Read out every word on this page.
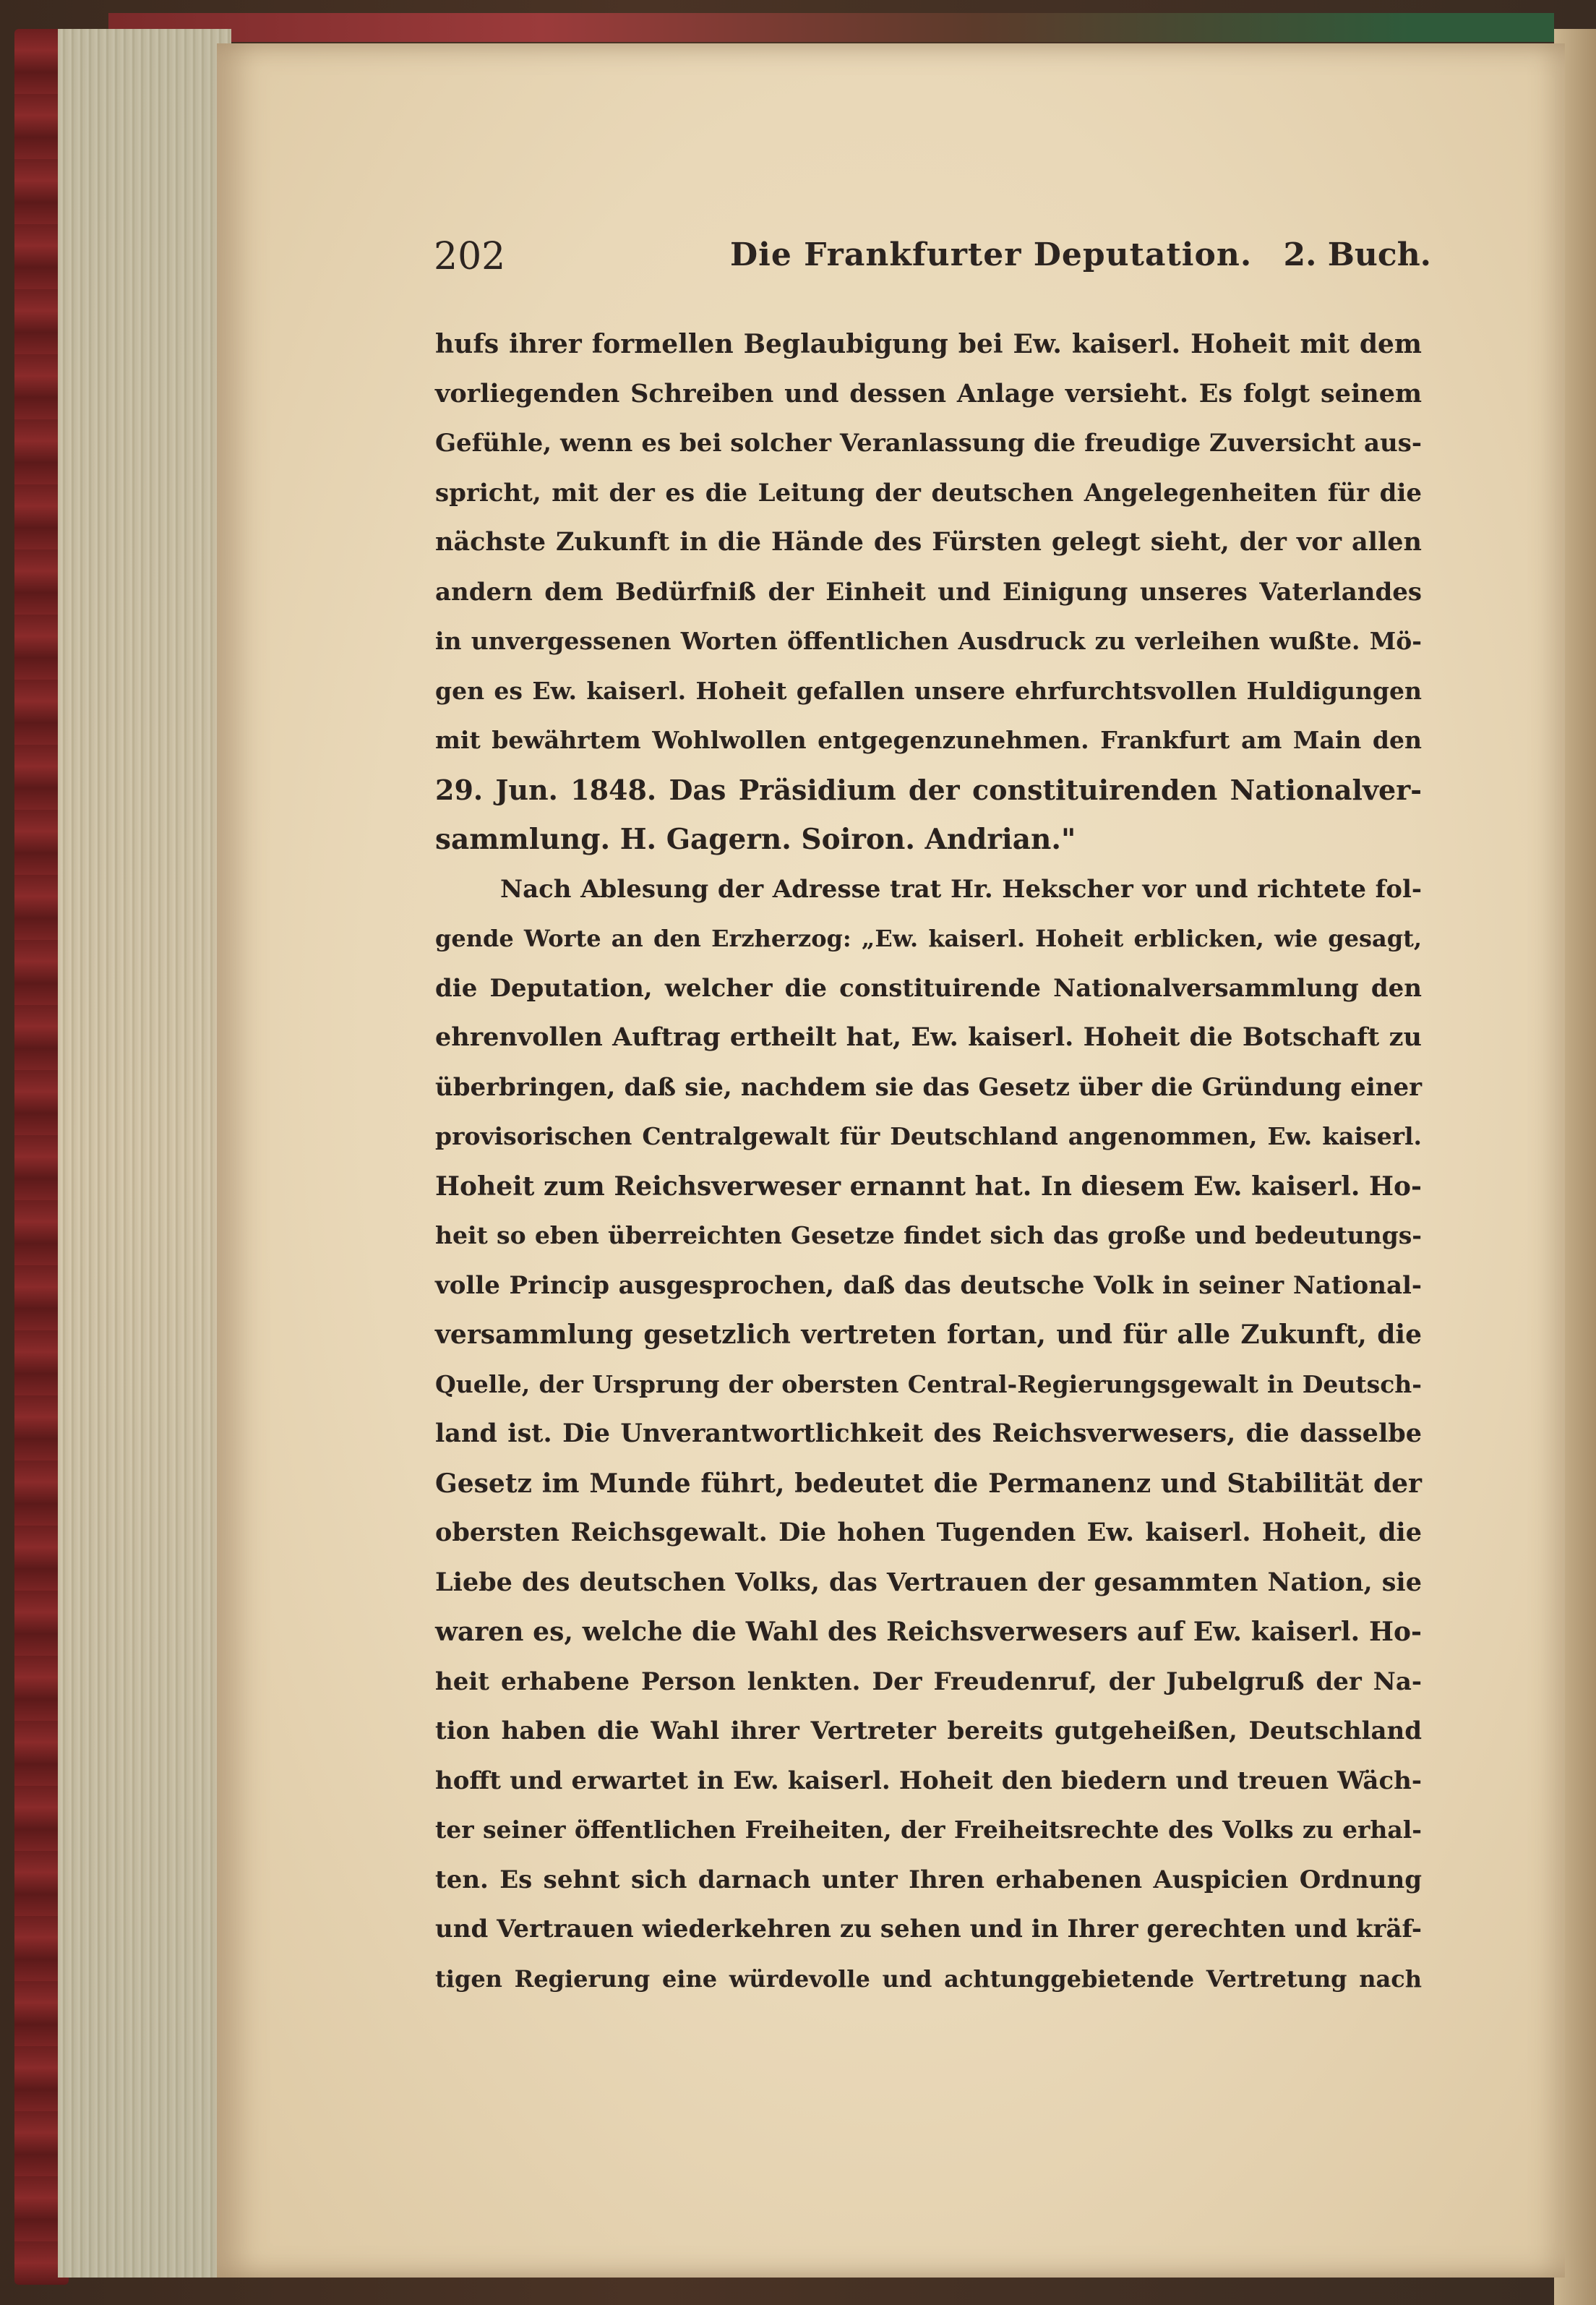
202	Die Frankfurter Deputation. 2. Buch.
hufs ihrer formellen Beglaubigung bei Ew. kaiserl. Hoheit mit dem
vorliegenden Schreiben und dessen Anlage versieht. Es folgt seinem
Gefühle, wenn es bei solcher Veranlassung die freudige Zuversicht aus-
spricht, mit der es die Leitung der deutschen Angelegenheiten für die
nächste Zukunft in die Hände des Fürsten gelegt sieht, der vor allen
andern dem Bedürfniß der Einheit und Einigung unseres Vaterlandes
in unvergessenen Worten öffentlichen Ausdruck zu verleihen wußte. Mö-
gen es Ew. kaiserl. Hoheit gefallen unsere ehrfurchtsvollen Huldigungen
mit bewährtem Wohlwollen entgegenzunehmen. Frankfurt am Main den
29. Jun. 1848. Das Präsidium der constituirenden Nationalver-
sammlung. H. Gagern. Soiron. Andrian."
Nach Ablesung der Adresse trat Hr. Hekscher vor und richtete fol-
gende Worte an den Erzherzog: „Ew. kaiserl. Hoheit erblicken, wie gesagt,
die Deputation, welcher die constituirende Nationalversammlung den
ehrenvollen Auftrag ertheilt hat, Ew. kaiserl. Hoheit die Botschaft zu
überbringen, daß sie, nachdem sie das Gesetz über die Gründung einer
provisorischen Centralgewalt für Deutschland angenommen, Ew. kaiserl.
Hoheit zum Reichsverweser ernannt hat. In diesem Ew. kaiserl. Ho-
heit so eben überreichten Gesetze findet sich das große und bedeutungs-
volle Princip ausgesprochen, daß das deutsche Volk in seiner National-
versammlung gesetzlich vertreten fortan, und für alle Zukunft, die
Quelle, der Ursprung der obersten Central-Regierungsgewalt in Deutsch-
land ist. Die Unverantwortlichkeit des Reichsverwesers, die dasselbe
Gesetz im Munde führt, bedeutet die Permanenz und Stabilität der
obersten Reichsgewalt. Die hohen Tugenden Ew. kaiserl. Hoheit, die
Liebe des deutschen Volks, das Vertrauen der gesammten Nation, sie
waren es, welche die Wahl des Reichsverwesers auf Ew. kaiserl. Ho-
heit erhabene Person lenkten. Der Freudenruf, der Jubelgruß der Na-
tion haben die Wahl ihrer Vertreter bereits gutgeheißen, Deutschland
hofft und erwartet in Ew. kaiserl. Hoheit den biedern und treuen Wäch-
ter seiner öffentlichen Freiheiten, der Freiheitsrechte des Volks zu erhal-
ten. Es sehnt sich darnach unter Ihren erhabenen Auspicien Ordnung
und Vertrauen wiederkehren zu sehen und in Ihrer gerechten und kräf-
tigen Regierung eine würdevolle und achtunggebietende Vertretung nach
